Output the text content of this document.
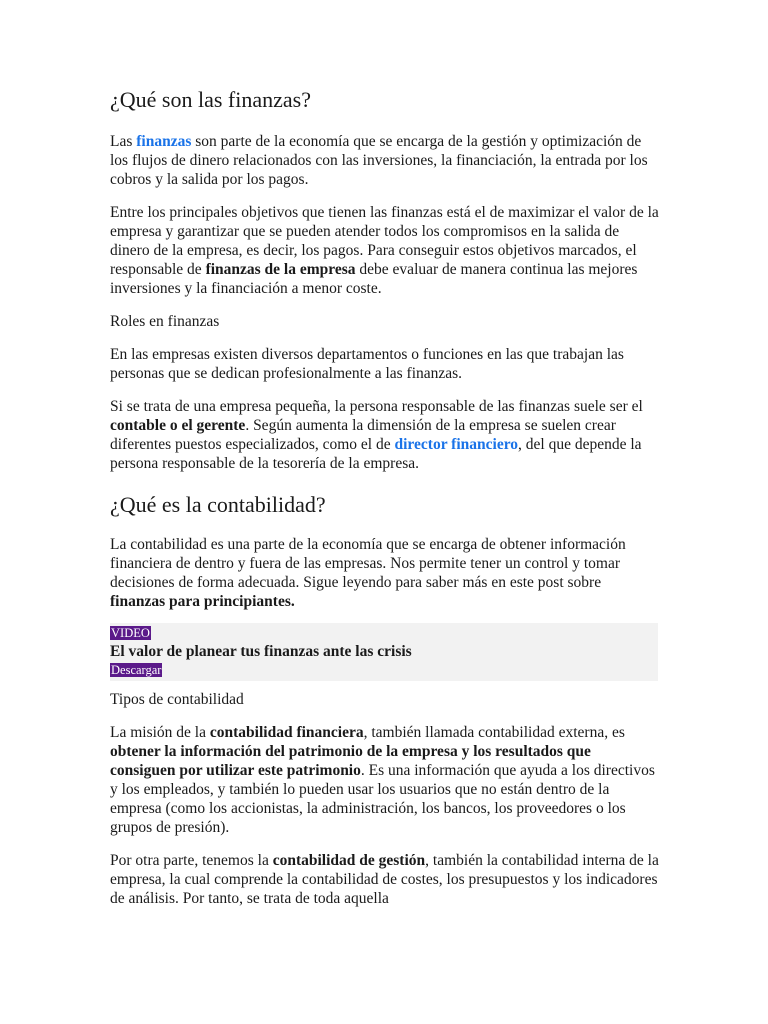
¿Qué son las finanzas?

Las finanzas son parte de la economía que se encarga de la gestión y optimización de los flujos de dinero relacionados con las inversiones, la financiación, la entrada por los cobros y la salida por los pagos.

Entre los principales objetivos que tienen las finanzas está el de maximizar el valor de la empresa y garantizar que se pueden atender todos los compromisos en la salida de dinero de la empresa, es decir, los pagos. Para conseguir estos objetivos marcados, el responsable de finanzas de la empresa debe evaluar de manera continua las mejores inversiones y la financiación a menor coste.

Roles en finanzas

En las empresas existen diversos departamentos o funciones en las que trabajan las personas que se dedican profesionalmente a las finanzas.

Si se trata de una empresa pequeña, la persona responsable de las finanzas suele ser el contable o el gerente. Según aumenta la dimensión de la empresa se suelen crear diferentes puestos especializados, como el de director financiero, del que depende la persona responsable de la tesorería de la empresa.

¿Qué es la contabilidad?

La contabilidad es una parte de la economía que se encarga de obtener información financiera de dentro y fuera de las empresas. Nos permite tener un control y tomar decisiones de forma adecuada. Sigue leyendo para saber más en este post sobre finanzas para principiantes.

VIDEO

El valor de planear tus finanzas ante las crisis

Descargar

Tipos de contabilidad

La misión de la contabilidad financiera, también llamada contabilidad externa, es obtener la información del patrimonio de la empresa y los resultados que consiguen por utilizar este patrimonio. Es una información que ayuda a los directivos y los empleados, y también lo pueden usar los usuarios que no están dentro de la empresa (como los accionistas, la administración, los bancos, los proveedores o los grupos de presión).

Por otra parte, tenemos la contabilidad de gestión, también la contabilidad interna de la empresa, la cual comprende la contabilidad de costes, los presupuestos y los indicadores de análisis. Por tanto, se trata de toda aquella
